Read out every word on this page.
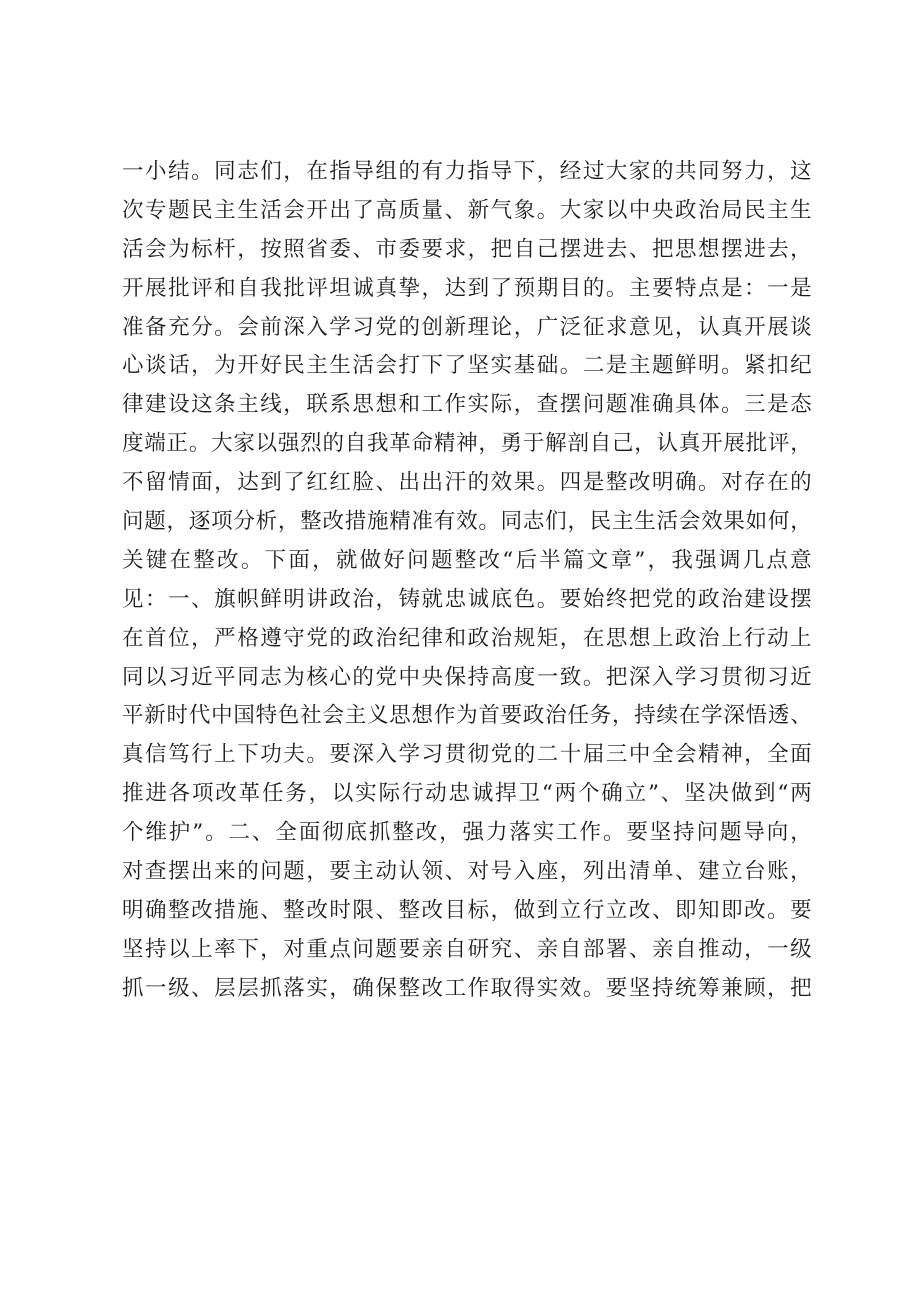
一小结。同志们，在指导组的有力指导下，经过大家的共同努力，这
次专题民主生活会开出了高质量、新气象。大家以中央政治局民主生
活会为标杆，按照省委、市委要求，把自己摆进去、把思想摆进去，
开展批评和自我批评坦诚真挚，达到了预期目的。主要特点是：一是
准备充分。会前深入学习党的创新理论，广泛征求意见，认真开展谈
心谈话，为开好民主生活会打下了坚实基础。二是主题鲜明。紧扣纪
律建设这条主线，联系思想和工作实际，查摆问题准确具体。三是态
度端正。大家以强烈的自我革命精神，勇于解剖自己，认真开展批评，
不留情面，达到了红红脸、出出汗的效果。四是整改明确。对存在的
问题，逐项分析，整改措施精准有效。同志们，民主生活会效果如何，
关键在整改。下面，就做好问题整改“后半篇文章”，我强调几点意
见：一、旗帜鲜明讲政治，铸就忠诚底色。要始终把党的政治建设摆
在首位，严格遵守党的政治纪律和政治规矩，在思想上政治上行动上
同以习近平同志为核心的党中央保持高度一致。把深入学习贯彻习近
平新时代中国特色社会主义思想作为首要政治任务，持续在学深悟透、
真信笃行上下功夫。要深入学习贯彻党的二十届三中全会精神，全面
推进各项改革任务，以实际行动忠诚捍卫“两个确立”、坚决做到“两
个维护”。二、全面彻底抓整改，强力落实工作。要坚持问题导向，
对查摆出来的问题，要主动认领、对号入座，列出清单、建立台账，
明确整改措施、整改时限、整改目标，做到立行立改、即知即改。要
坚持以上率下，对重点问题要亲自研究、亲自部署、亲自推动，一级
抓一级、层层抓落实，确保整改工作取得实效。要坚持统筹兼顾，把
